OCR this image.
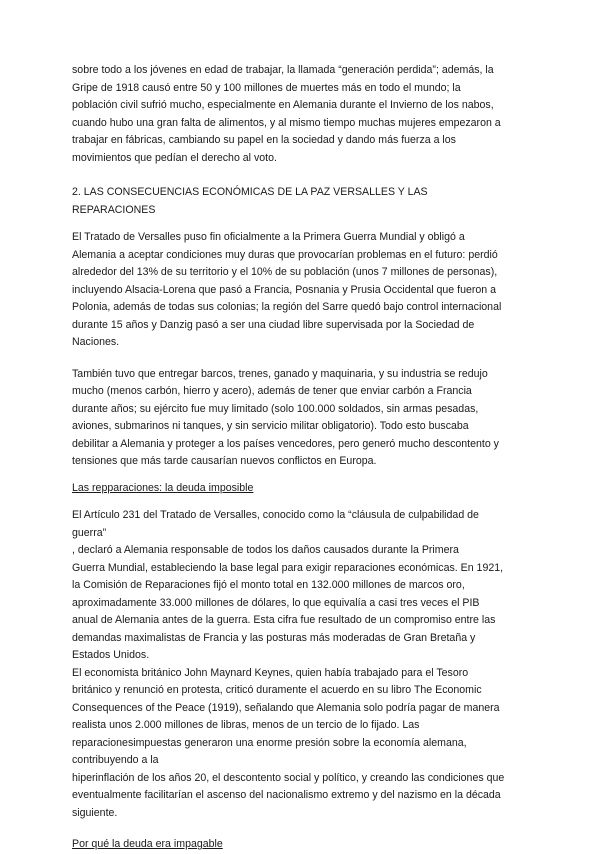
sobre todo a los jóvenes en edad de trabajar, la llamada “generación perdida”; además, la
Gripe de 1918 causó entre 50 y 100 millones de muertes más en todo el mundo; la
población civil sufrió mucho, especialmente en Alemania durante el Invierno de los nabos,
cuando hubo una gran falta de alimentos, y al mismo tiempo muchas mujeres empezaron a
trabajar en fábricas, cambiando su papel en la sociedad y dando más fuerza a los
movimientos que pedían el derecho al voto.

2. LAS CONSECUENCIAS ECONÓMICAS DE LA PAZ VERSALLES Y LAS
REPARACIONES

El Tratado de Versalles puso fin oficialmente a la Primera Guerra Mundial y obligó a
Alemania a aceptar condiciones muy duras que provocarían problemas en el futuro: perdió
alrededor del 13% de su territorio y el 10% de su población (unos 7 millones de personas),
incluyendo Alsacia-Lorena que pasó a Francia, Posnania y Prusia Occidental que fueron a
Polonia, además de todas sus colonias; la región del Sarre quedó bajo control internacional
durante 15 años y Danzig pasó a ser una ciudad libre supervisada por la Sociedad de
Naciones.

También tuvo que entregar barcos, trenes, ganado y maquinaria, y su industria se redujo
mucho (menos carbón, hierro y acero), además de tener que enviar carbón a Francia
durante años; su ejército fue muy limitado (solo 100.000 soldados, sin armas pesadas,
aviones, submarinos ni tanques, y sin servicio militar obligatorio). Todo esto buscaba
debilitar a Alemania y proteger a los países vencedores, pero generó mucho descontento y
tensiones que más tarde causarían nuevos conflictos en Europa.

Las repparaciones: la deuda imposible

El Artículo 231 del Tratado de Versalles, conocido como la “cláusula de culpabilidad de
guerra”
, declaró a Alemania responsable de todos los daños causados durante la Primera
Guerra Mundial, estableciendo la base legal para exigir reparaciones económicas. En 1921,
la Comisión de Reparaciones fijó el monto total en 132.000 millones de marcos oro,
aproximadamente 33.000 millones de dólares, lo que equivalía a casi tres veces el PIB
anual de Alemania antes de la guerra. Esta cifra fue resultado de un compromiso entre las
demandas maximalistas de Francia y las posturas más moderadas de Gran Bretaña y
Estados Unidos.
El economista británico John Maynard Keynes, quien había trabajado para el Tesoro
británico y renunció en protesta, criticó duramente el acuerdo en su libro The Economic
Consequences of the Peace (1919), señalando que Alemania solo podría pagar de manera
realista unos 2.000 millones de libras, menos de un tercio de lo fijado. Las
reparacionesimpuestas generaron una enorme presión sobre la economía alemana,
contribuyendo a la
hiperinflación de los años 20, el descontento social y político, y creando las condiciones que
eventualmente facilitarían el ascenso del nacionalismo extremo y del nazismo en la década
siguiente.

Por qué la deuda era impagable
